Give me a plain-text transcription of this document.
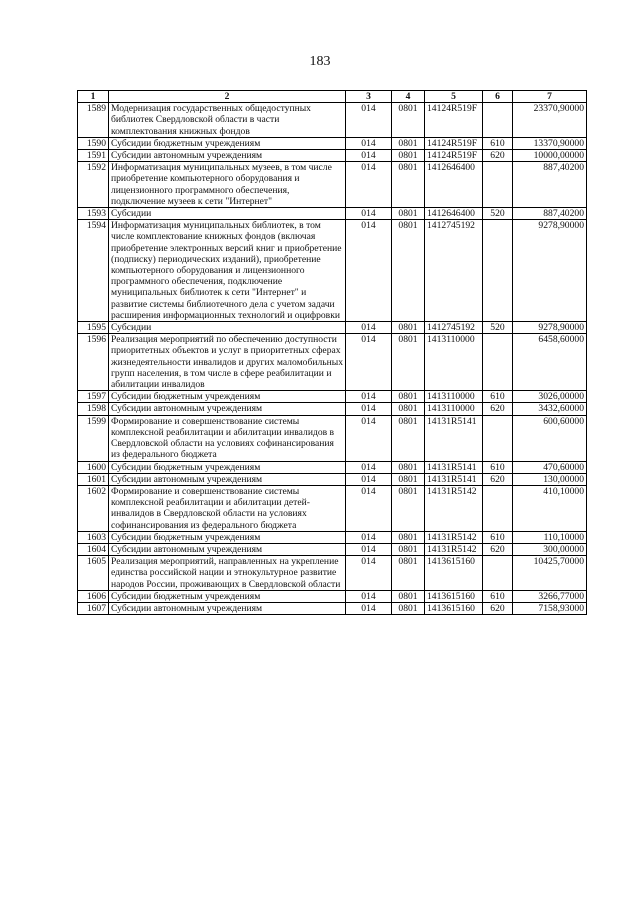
183
1	2	3	4	5	6	7
1589	Модернизация государственных общедоступных библиотек Свердловской области в части комплектования книжных фондов	014	0801	14124R519F		23370,90000
1590	Субсидии бюджетным учреждениям	014	0801	14124R519F	610	13370,90000
1591	Субсидии автономным учреждениям	014	0801	14124R519F	620	10000,00000
1592	Информатизация муниципальных музеев, в том числе приобретение компьютерного оборудования и лицензионного программного обеспечения, подключение музеев к сети "Интернет"	014	0801	1412646400		887,40200
1593	Субсидии	014	0801	1412646400	520	887,40200
1594	Информатизация муниципальных библиотек, в том числе комплектование книжных фондов (включая приобретение электронных версий книг и приобретение (подписку) периодических изданий), приобретение компьютерного оборудования и лицензионного программного обеспечения, подключение муниципальных библиотек к сети "Интернет" и развитие системы библиотечного дела с учетом задачи расширения информационных технологий и оцифровки	014	0801	1412745192		9278,90000
1595	Субсидии	014	0801	1412745192	520	9278,90000
1596	Реализация мероприятий по обеспечению доступности приоритетных объектов и услуг в приоритетных сферах жизнедеятельности инвалидов и других маломобильных групп населения, в том числе в сфере реабилитации и абилитации инвалидов	014	0801	1413110000		6458,60000
1597	Субсидии бюджетным учреждениям	014	0801	1413110000	610	3026,00000
1598	Субсидии автономным учреждениям	014	0801	1413110000	620	3432,60000
1599	Формирование и совершенствование системы комплексной реабилитации и абилитации инвалидов в Свердловской области на условиях софинансирования из федерального бюджета	014	0801	14131R5141		600,60000
1600	Субсидии бюджетным учреждениям	014	0801	14131R5141	610	470,60000
1601	Субсидии автономным учреждениям	014	0801	14131R5141	620	130,00000
1602	Формирование и совершенствование системы комплексной реабилитации и абилитации детей-инвалидов в Свердловской области на условиях софинансирования из федерального бюджета	014	0801	14131R5142		410,10000
1603	Субсидии бюджетным учреждениям	014	0801	14131R5142	610	110,10000
1604	Субсидии автономным учреждениям	014	0801	14131R5142	620	300,00000
1605	Реализация мероприятий, направленных на укрепление единства российской нации и этнокультурное развитие народов России, проживающих в Свердловской области	014	0801	1413615160		10425,70000
1606	Субсидии бюджетным учреждениям	014	0801	1413615160	610	3266,77000
1607	Субсидии автономным учреждениям	014	0801	1413615160	620	7158,93000
